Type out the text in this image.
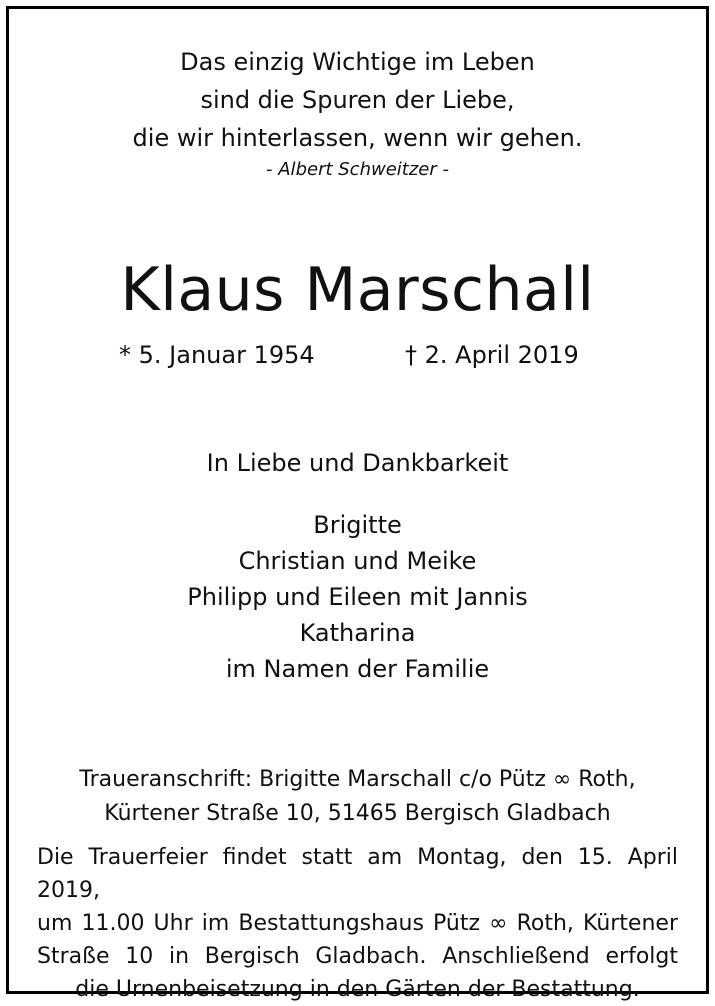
Das einzig Wichtige im Leben
sind die Spuren der Liebe,
die wir hinterlassen, wenn wir gehen.
- Albert Schweitzer -
Klaus Marschall
* 5. Januar 1954	† 2. April 2019
In Liebe und Dankbarkeit
Brigitte
Christian und Meike
Philipp und Eileen mit Jannis
Katharina
im Namen der Familie
Traueranschrift: Brigitte Marschall c/o Pütz ∞ Roth,
Kürtener Straße 10, 51465 Bergisch Gladbach
Die Trauerfeier findet statt am Montag, den 15. April 2019,
um 11.00 Uhr im Bestattungshaus Pütz ∞ Roth, Kürtener
Straße 10 in Bergisch Gladbach. Anschließend erfolgt
die Urnenbeisetzung in den Gärten der Bestattung.
